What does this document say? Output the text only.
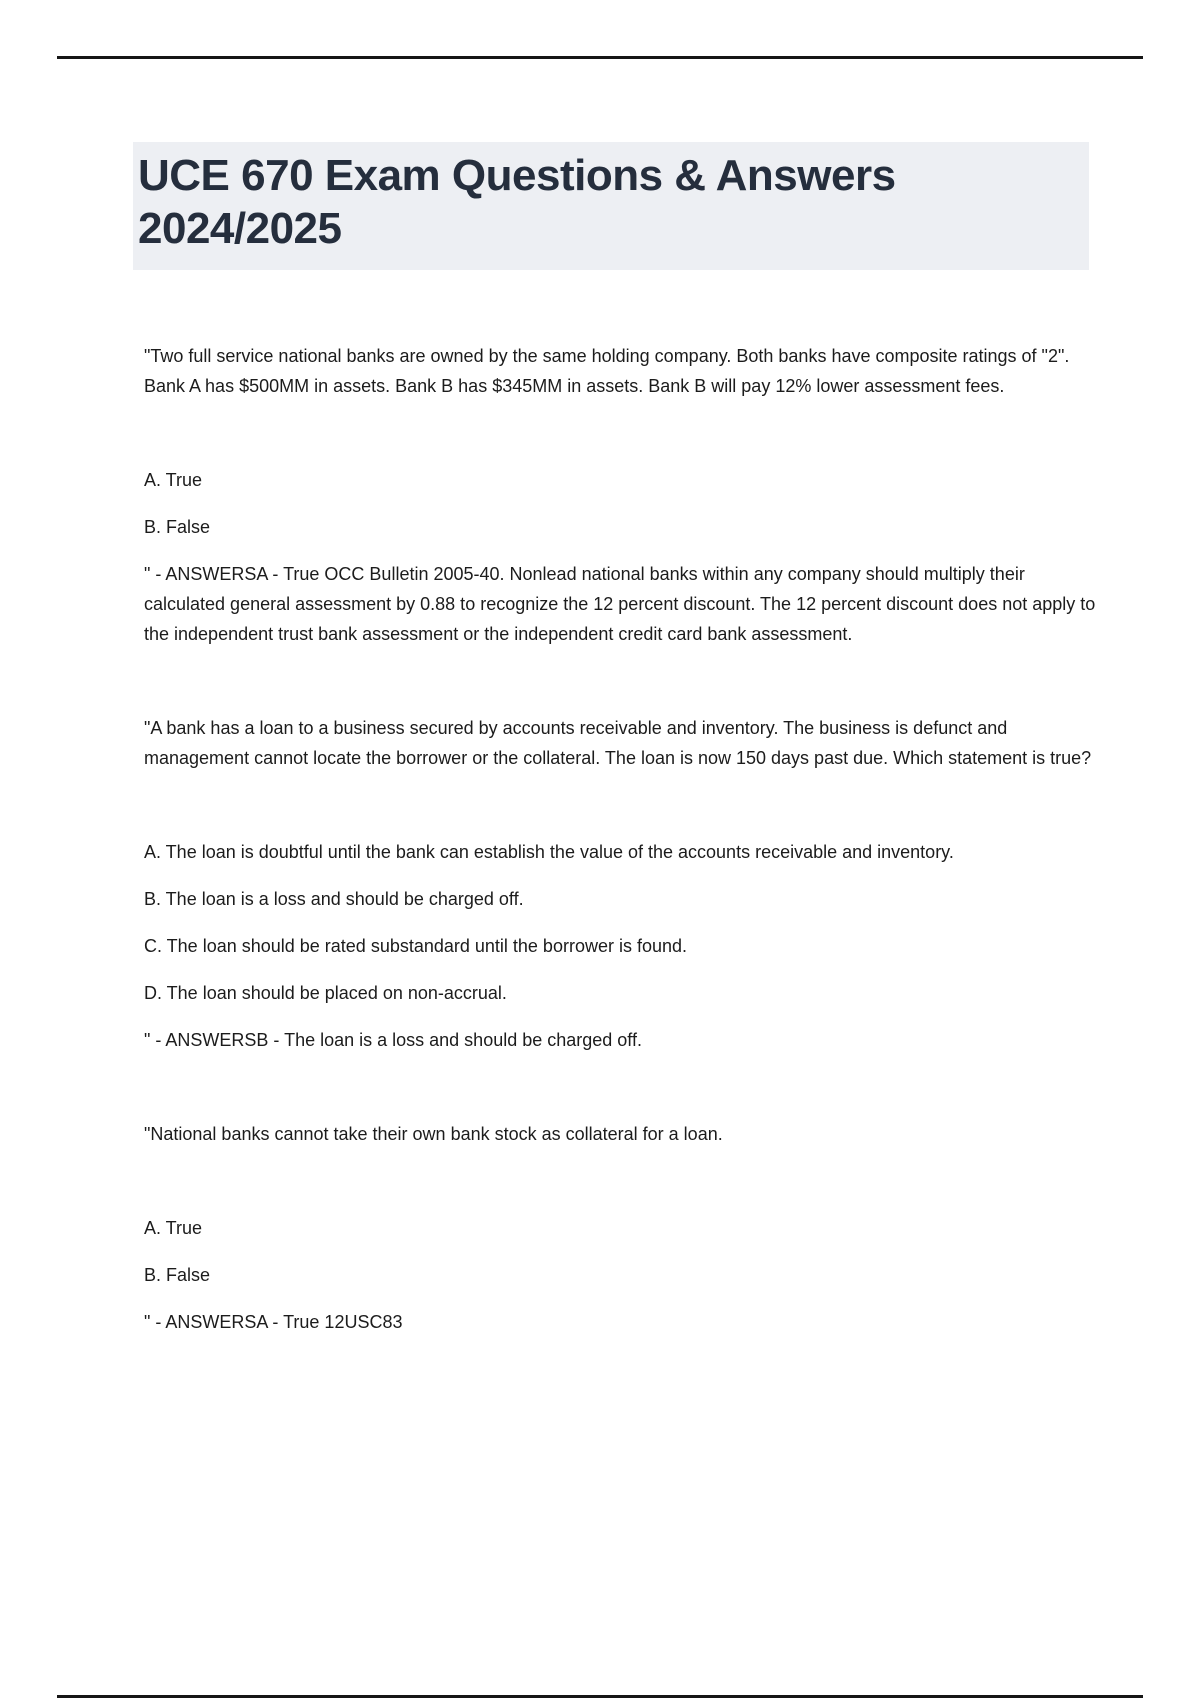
UCE 670 Exam Questions & Answers 2024/2025

"Two full service national banks are owned by the same holding company. Both banks have composite ratings of "2". Bank A has $500MM in assets. Bank B has $345MM in assets. Bank B will pay 12% lower assessment fees.

A. True

B. False

" - ANSWERSA - True OCC Bulletin 2005-40. Nonlead national banks within any company should multiply their calculated general assessment by 0.88 to recognize the 12 percent discount. The 12 percent discount does not apply to the independent trust bank assessment or the independent credit card bank assessment.

"A bank has a loan to a business secured by accounts receivable and inventory. The business is defunct and management cannot locate the borrower or the collateral. The loan is now 150 days past due. Which statement is true?

A. The loan is doubtful until the bank can establish the value of the accounts receivable and inventory.

B. The loan is a loss and should be charged off.

C. The loan should be rated substandard until the borrower is found.

D. The loan should be placed on non-accrual.

" - ANSWERSB - The loan is a loss and should be charged off.

"National banks cannot take their own bank stock as collateral for a loan.

A. True

B. False

" - ANSWERSA - True 12USC83
